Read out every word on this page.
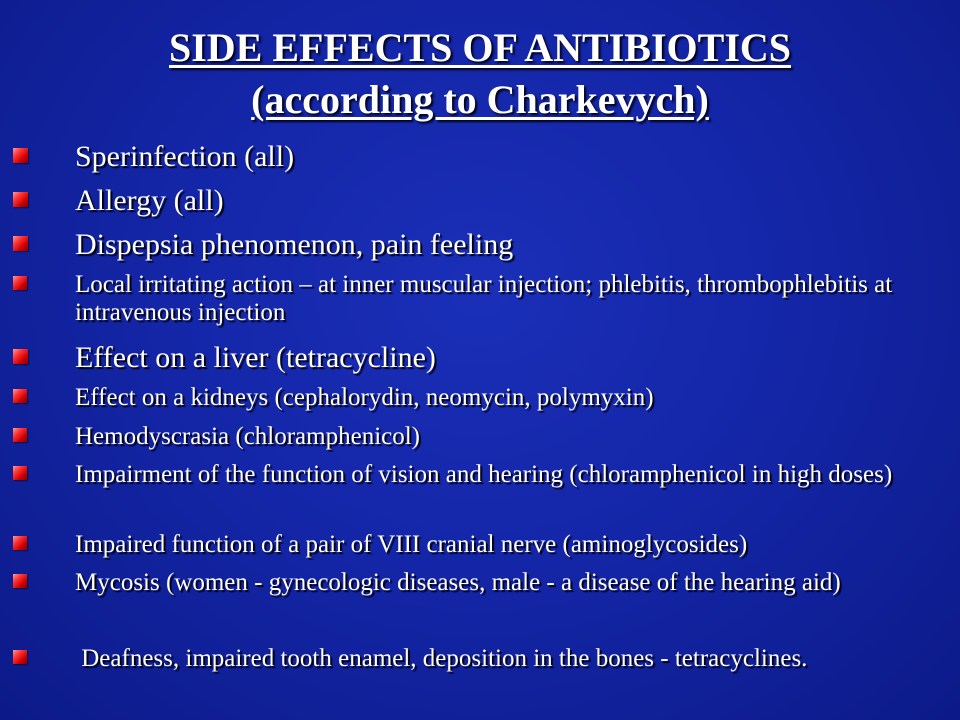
SIDE EFFECTS OF ANTIBIOTICS
(according to Charkevych)
Sperinfection (all)
Allergy (all)
Dispepsia phenomenon, pain feeling
Local irritating action – at inner muscular injection; phlebitis, thrombophlebitis at intravenous injection
Effect on a liver (tetracycline)
Effect on a kidneys (cephalorydin, neomycin, polymyxin)
Hemodyscrasia (chloramphenicol)
Impairment of the function of vision and hearing (chloramphenicol in high doses)
Impaired function of a pair of VIII cranial nerve (aminoglycosides)
Mycosis (women - gynecologic diseases, male - a disease of the hearing aid)
Deafness, impaired tooth enamel, deposition in the bones - tetracyclines.
